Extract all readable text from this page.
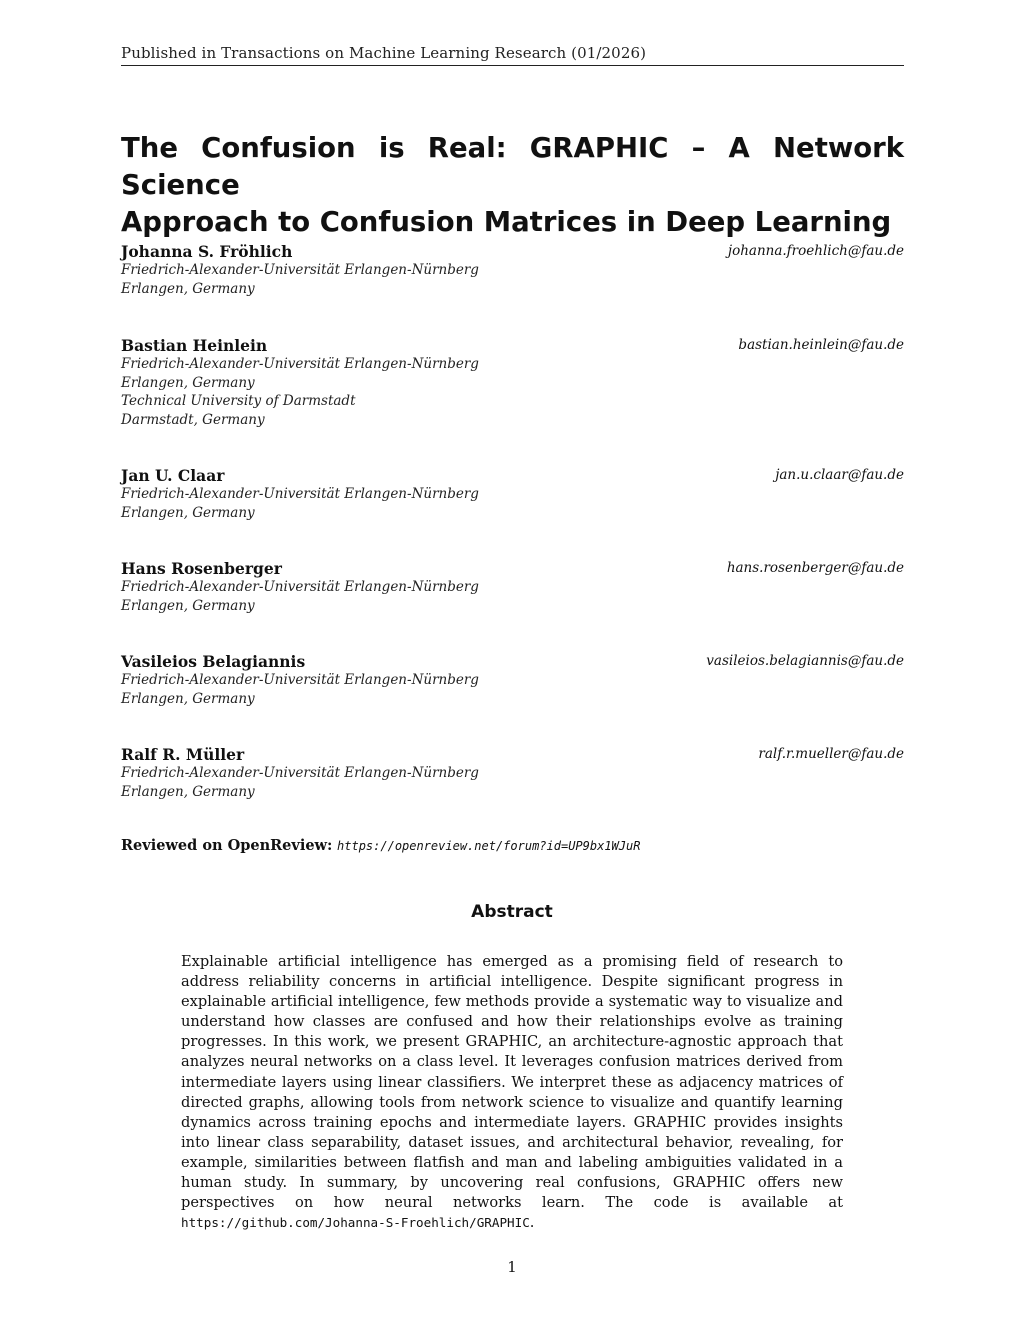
Published in Transactions on Machine Learning Research (01/2026)
The Confusion is Real: GRAPHIC – A Network Science
Approach to Confusion Matrices in Deep Learning
Johanna S. Fröhlich	johanna.froehlich@fau.de
Friedrich-Alexander-Universität Erlangen-Nürnberg
Erlangen, Germany
Bastian Heinlein	bastian.heinlein@fau.de
Friedrich-Alexander-Universität Erlangen-Nürnberg
Erlangen, Germany
Technical University of Darmstadt
Darmstadt, Germany
Jan U. Claar	jan.u.claar@fau.de
Friedrich-Alexander-Universität Erlangen-Nürnberg
Erlangen, Germany
Hans Rosenberger	hans.rosenberger@fau.de
Friedrich-Alexander-Universität Erlangen-Nürnberg
Erlangen, Germany
Vasileios Belagiannis	vasileios.belagiannis@fau.de
Friedrich-Alexander-Universität Erlangen-Nürnberg
Erlangen, Germany
Ralf R. Müller	ralf.r.mueller@fau.de
Friedrich-Alexander-Universität Erlangen-Nürnberg
Erlangen, Germany
Reviewed on OpenReview: https://openreview.net/forum?id=UP9bx1WJuR
Abstract
Explainable artificial intelligence has emerged as a promising field of research to address reliability concerns in artificial intelligence. Despite significant progress in explainable artificial intelligence, few methods provide a systematic way to visualize and understand how classes are confused and how their relationships evolve as training progresses. In this work, we present GRAPHIC, an architecture-agnostic approach that analyzes neural networks on a class level. It leverages confusion matrices derived from intermediate layers using linear classifiers. We interpret these as adjacency matrices of directed graphs, allowing tools from network science to visualize and quantify learning dynamics across training epochs and intermediate layers. GRAPHIC provides insights into linear class separability, dataset issues, and architectural behavior, revealing, for example, similarities between flatfish and man and labeling ambiguities validated in a human study. In summary, by uncovering real confusions, GRAPHIC offers new perspectives on how neural networks learn. The code is available at https://github.com/Johanna-S-Froehlich/GRAPHIC.
1
